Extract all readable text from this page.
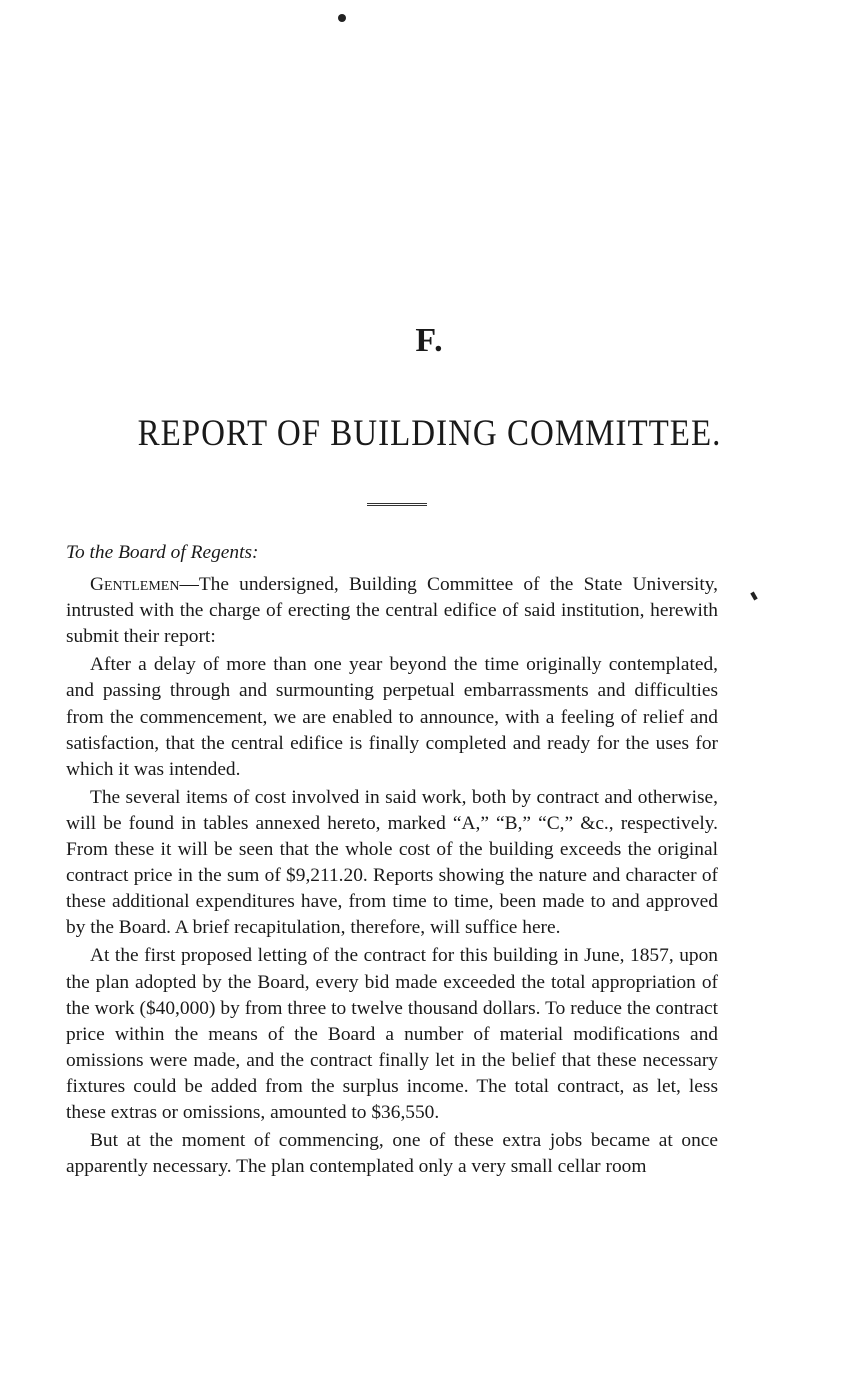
F.
REPORT OF BUILDING COMMITTEE.

To the Board of Regents:

Gentlemen—The undersigned, Building Committee of the State University, intrusted with the charge of erecting the central edifice of said institution, herewith submit their report:

After a delay of more than one year beyond the time originally contemplated, and passing through and surmounting perpetual embarrassments and difficulties from the commencement, we are enabled to announce, with a feeling of relief and satisfaction, that the central edifice is finally completed and ready for the uses for which it was intended.

The several items of cost involved in said work, both by contract and otherwise, will be found in tables annexed hereto, marked “A,” “B,” “C,” &c., respectively. From these it will be seen that the whole cost of the building exceeds the original contract price in the sum of $9,211.20. Reports showing the nature and character of these additional expenditures have, from time to time, been made to and approved by the Board. A brief recapitulation, therefore, will suffice here.

At the first proposed letting of the contract for this building in June, 1857, upon the plan adopted by the Board, every bid made exceeded the total appropriation of the work ($40,000) by from three to twelve thousand dollars. To reduce the contract price within the means of the Board a number of material modifications and omissions were made, and the contract finally let in the belief that these necessary fixtures could be added from the surplus income. The total contract, as let, less these extras or omissions, amounted to $36,550.

But at the moment of commencing, one of these extra jobs became at once apparently necessary. The plan contemplated only a very small cellar room
